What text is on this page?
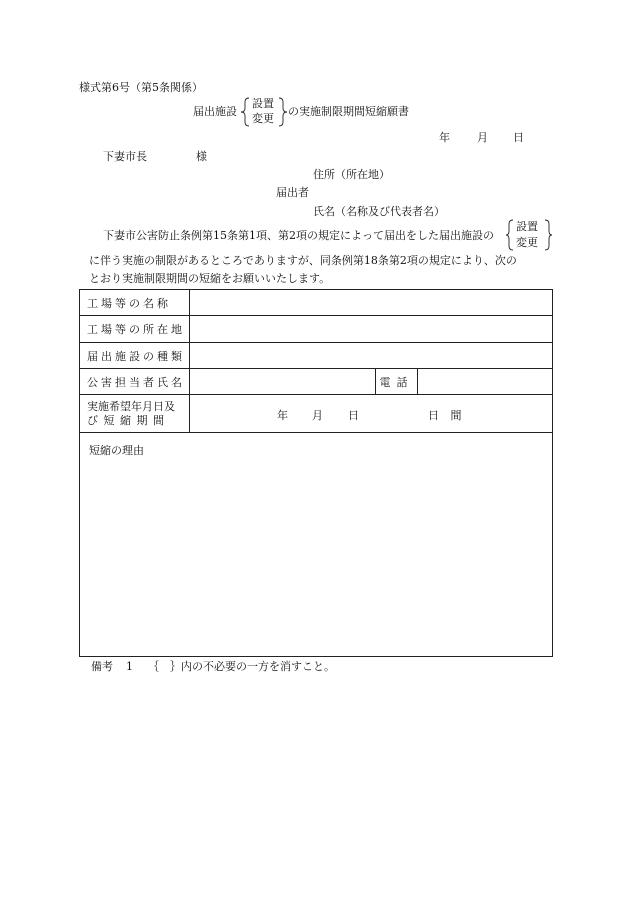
様式第6号（第5条関係）
届出施設
設置
変更
の実施制限期間短縮願書
年 月 日
下妻市長	様
住所（所在地）
届出者
氏名（名称及び代表者名）
下妻市公害防止条例第15条第1項、第2項の規定によって届出をした届出施設の
設置
変更
に伴う実施の制限があるところでありますが、同条例第18条第2項の規定により、次の
とおり実施制限期間の短縮をお願いいたします。
工場等の名称			
工場等の所在地			
届出施設の種類			
公害担当者氏名		電話	

実施希望年月日及
び 短 縮 期 間	年 月 日 日 間		

短縮の理由			
備考 1 ｛　｝内の不必要の一方を消すこと。
